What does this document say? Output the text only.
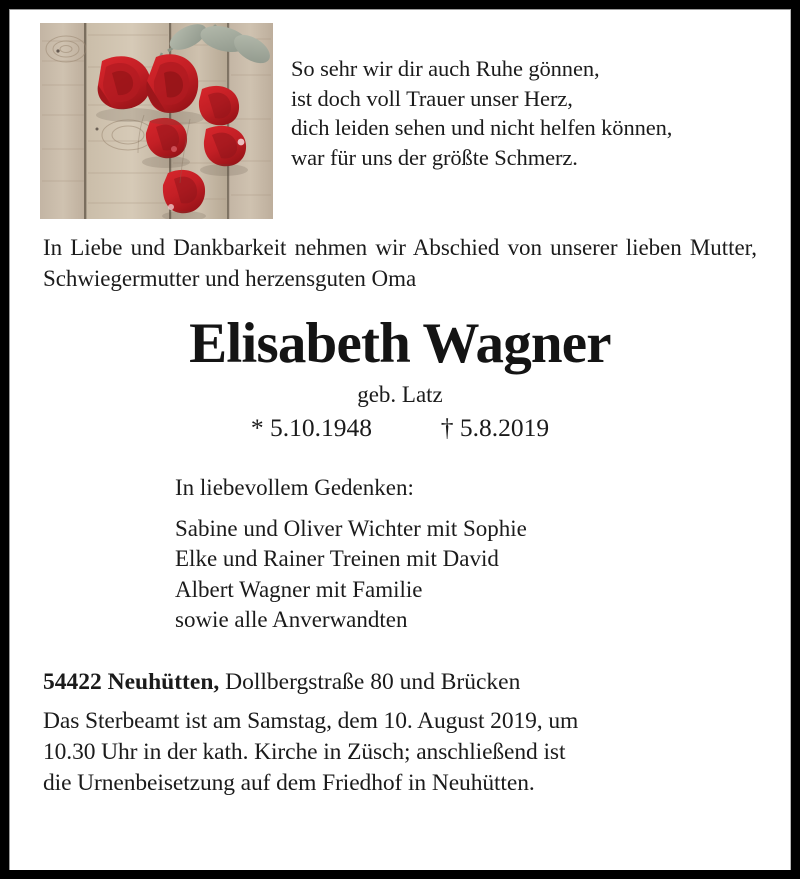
So sehr wir dir auch Ruhe gönnen,
ist doch voll Trauer unser Herz,
dich leiden sehen und nicht helfen können,
war für uns der größte Schmerz.

In Liebe und Dankbarkeit nehmen wir Abschied von unserer lieben Mutter, Schwiegermutter und herzensguten Oma

Elisabeth Wagner
geb. Latz
* 5.10.1948	† 5.8.2019
In liebevollem Gedenken:
Sabine und Oliver Wichter mit Sophie
Elke und Rainer Treinen mit David
Albert Wagner mit Familie
sowie alle Anverwandten
54422 Neuhütten, Dollbergstraße 80 und Brücken
Das Sterbeamt ist am Samstag, dem 10. August 2019, um
10.30 Uhr in der kath. Kirche in Züsch; anschließend ist
die Urnenbeisetzung auf dem Friedhof in Neuhütten.
